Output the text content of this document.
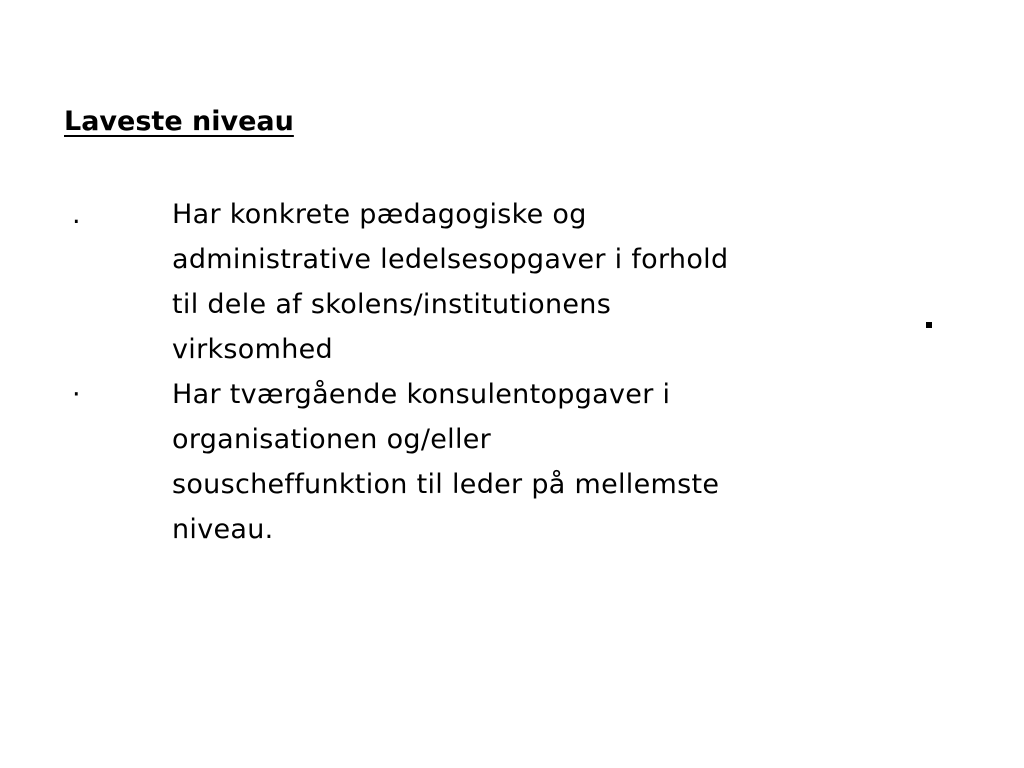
Laveste niveau
.	Har konkrete pædagogiske og administrative ledelsesopgaver i forhold til dele af skolens/institutionens virksomhed
·	Har tværgående konsulentopgaver i organisationen og/eller souscheffunktion til leder på mellemste niveau.
